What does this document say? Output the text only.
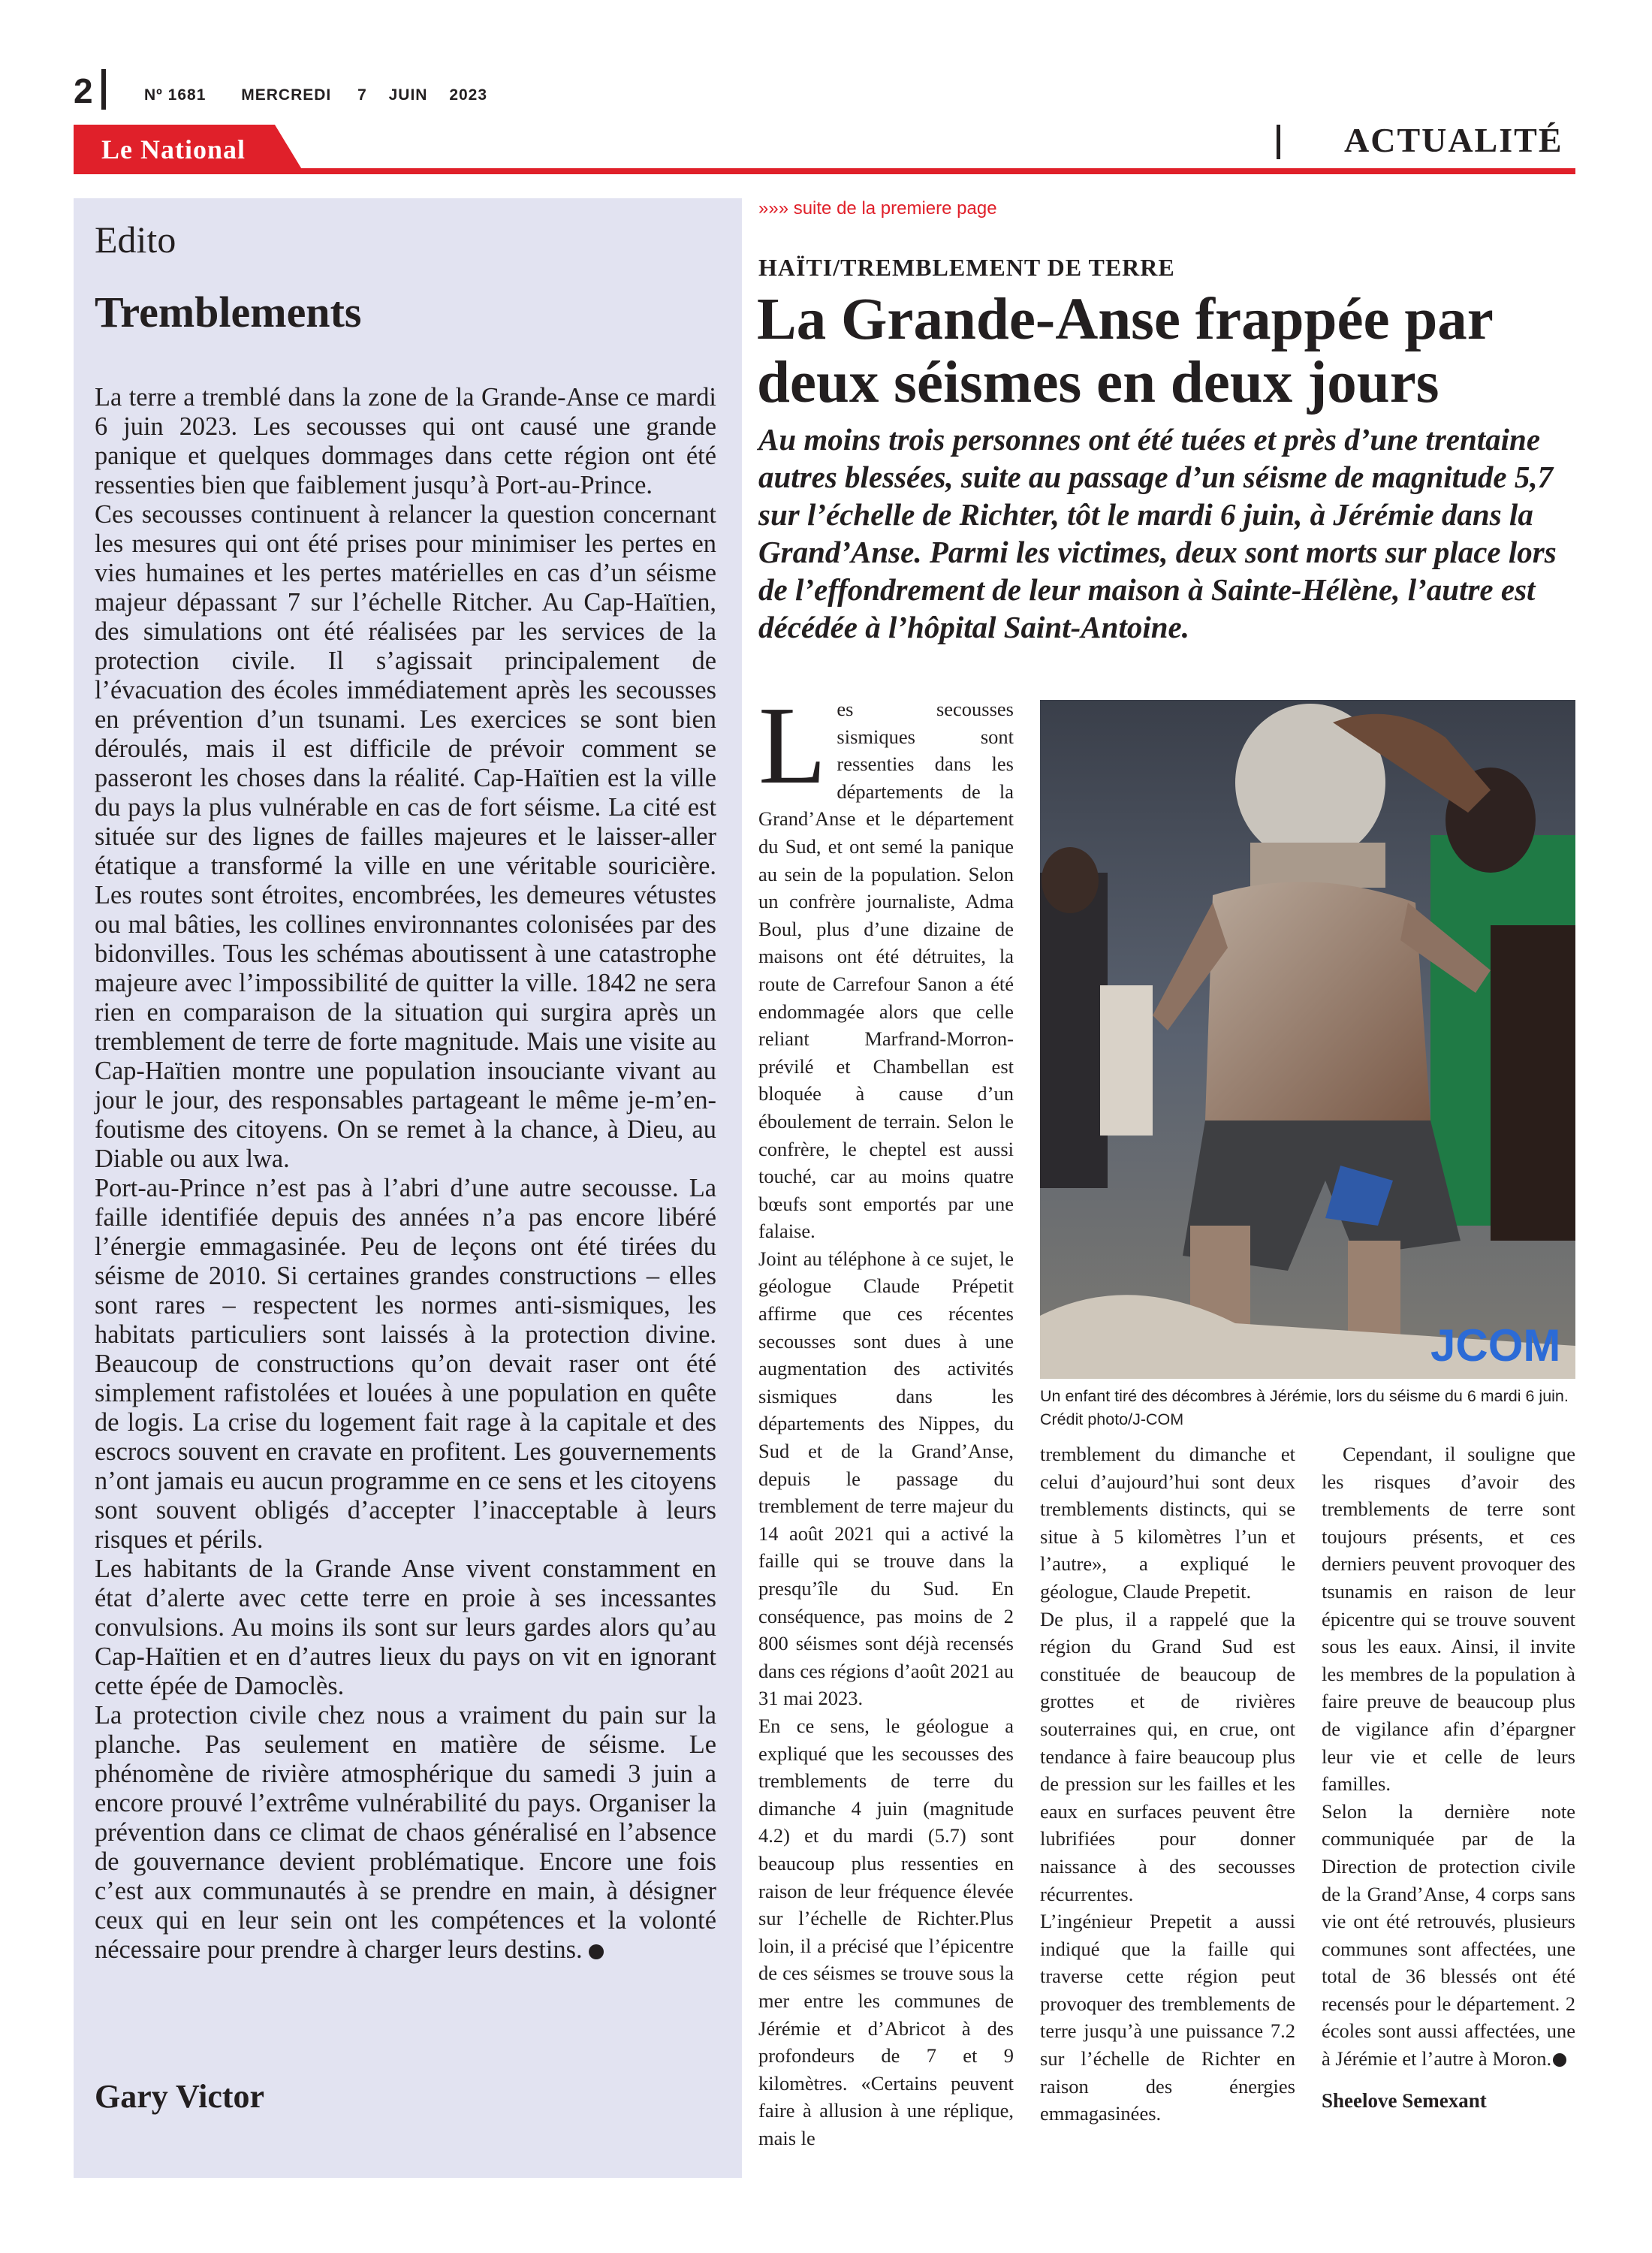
2	Nº 1681 MERCREDI 7 JUIN 2023
Le National	ACTUALITÉ
Edito
Tremblements

La terre a tremblé dans la zone de la Grande-Anse ce mardi 6 juin 2023. Les secousses qui ont causé une grande panique et quelques dommages dans cette région ont été ressenties bien que faiblement jusqu’à Port-au-Prince.

Ces secousses continuent à relancer la question concernant les mesures qui ont été prises pour minimiser les pertes en vies humaines et les pertes matérielles en cas d’un séisme majeur dépassant 7 sur l’échelle Ritcher. Au Cap-Haïtien, des simulations ont été réalisées par les services de la protection civile. Il s’agissait principalement de l’évacuation des écoles immédiatement après les secousses en prévention d’un tsunami. Les exercices se sont bien déroulés, mais il est difficile de prévoir comment se passeront les choses dans la réalité. Cap-Haïtien est la ville du pays la plus vulnérable en cas de fort séisme. La cité est située sur des lignes de failles majeures et le laisser-aller étatique a transformé la ville en une véritable souricière. Les routes sont étroites, encombrées, les demeures vétustes ou mal bâties, les collines environnantes colonisées par des bidonvilles. Tous les schémas aboutissent à une catastrophe majeure avec l’impossibilité de quitter la ville. 1842 ne sera rien en comparaison de la situation qui surgira après un tremblement de terre de forte magnitude. Mais une visite au Cap-Haïtien montre une population insouciante vivant au jour le jour, des responsables partageant le même je-m’en-foutisme des citoyens. On se remet à la chance, à Dieu, au Diable ou aux lwa.

Port-au-Prince n’est pas à l’abri d’une autre secousse. La faille identifiée depuis des années n’a pas encore libéré l’énergie emmagasinée. Peu de leçons ont été tirées du séisme de 2010. Si certaines grandes constructions – elles sont rares – respectent les normes anti-sismiques, les habitats particuliers sont laissés à la protection divine. Beaucoup de constructions qu’on devait raser ont été simplement rafistolées et louées à une population en quête de logis. La crise du logement fait rage à la capitale et des escrocs souvent en cravate en profitent. Les gouvernements n’ont jamais eu aucun programme en ce sens et les citoyens sont souvent obligés d’accepter l’inacceptable à leurs risques et périls.

Les habitants de la Grande Anse vivent constamment en état d’alerte avec cette terre en proie à ses incessantes convulsions. Au moins ils sont sur leurs gardes alors qu’au Cap-Haïtien et en d’autres lieux du pays on vit en ignorant cette épée de Damoclès.

La protection civile chez nous a vraiment du pain sur la planche. Pas seulement en matière de séisme. Le phénomène de rivière atmosphérique du samedi 3 juin a encore prouvé l’extrême vulnérabilité du pays. Organiser la prévention dans ce climat de chaos généralisé en l’absence de gouvernance devient problématique. Encore une fois c’est aux communautés à se prendre en main, à désigner ceux qui en leur sein ont les compétences et la volonté nécessaire pour prendre à charger leurs destins.

Gary Victor
»»» suite de la premiere page
HAÏTI/TREMBLEMENT DE TERRE
La Grande-Anse frappée par deux séismes en deux jours

Au moins trois personnes ont été tuées et près d’une trentaine autres blessées, suite au passage d’un séisme de magnitude 5,7 sur l’échelle de Richter, tôt le mardi 6 juin, à Jérémie dans la Grand’Anse. Parmi les victimes, deux sont morts sur place lors de l’effondrement de leur maison à Sainte-Hélène, l’autre est décédée à l’hôpital Saint-Antoine.

Les secousses sismiques sont ressenties dans les départements de la Grand’Anse et le département du Sud, et ont semé la panique au sein de la population. Selon un confrère journaliste, Adma Boul, plus d’une dizaine de maisons ont été détruites, la route de Carrefour Sanon a été endommagée alors que celle reliant Marfrand-Morron- prévilé et Chambellan est bloquée à cause d’un éboulement de terrain. Selon le confrère, le cheptel est aussi touché, car au moins quatre bœufs sont emportés par une falaise.

Joint au téléphone à ce sujet, le géologue Claude Prépetit affirme que ces récentes secousses sont dues à une augmentation des activités sismiques dans les départements des Nippes, du Sud et de la Grand’Anse, depuis le passage du tremblement de terre majeur du 14 août 2021 qui a activé la faille qui se trouve dans la presqu’île du Sud. En conséquence, pas moins de 2 800 séismes sont déjà recensés dans ces régions d’août 2021 au 31 mai 2023.

En ce sens, le géologue a expliqué que les secousses des tremblements de terre du dimanche 4 juin (magnitude 4.2) et du mardi (5.7) sont beaucoup plus ressenties en raison de leur fréquence élevée sur l’échelle de Richter.Plus loin, il a précisé que l’épicentre de ces séismes se trouve sous la mer entre les communes de Jérémie et d’Abricot à des profondeurs de 7 et 9 kilomètres. «Certains peuvent faire à allusion à une réplique, mais le

JCOM
Un enfant tiré des décombres à Jérémie, lors du séisme du 6 mardi 6 juin.
Crédit photo/J-COM

tremblement du dimanche et celui d’aujourd’hui sont deux tremblements distincts, qui se situe à 5 kilomètres l’un et l’autre», a expliqué le géologue, Claude Prepetit.

De plus, il a rappelé que la région du Grand Sud est constituée de beaucoup de grottes et de rivières souterraines qui, en crue, ont tendance à faire beaucoup plus de pression sur les failles et les eaux en surfaces peuvent être lubrifiées pour donner naissance à des secousses récurrentes.

L’ingénieur Prepetit a aussi indiqué que la faille qui traverse cette région peut provoquer des tremblements de terre jusqu’à une puissance 7.2 sur l’échelle de Richter en raison des énergies emmagasinées.

Cependant, il souligne que les risques d’avoir des tremblements de terre sont toujours présents, et ces derniers peuvent provoquer des tsunamis en raison de leur épicentre qui se trouve souvent sous les eaux. Ainsi, il invite les membres de la population à faire preuve de beaucoup plus de vigilance afin d’épargner leur vie et celle de leurs familles.

Selon la dernière note communiquée par de la Direction de protection civile de la Grand’Anse, 4 corps sans vie ont été retrouvés, plusieurs communes sont affectées, une total de 36 blessés ont été recensés pour le département. 2 écoles sont aussi affectées, une à Jérémie et l’autre à Moron.

Sheelove Semexant
